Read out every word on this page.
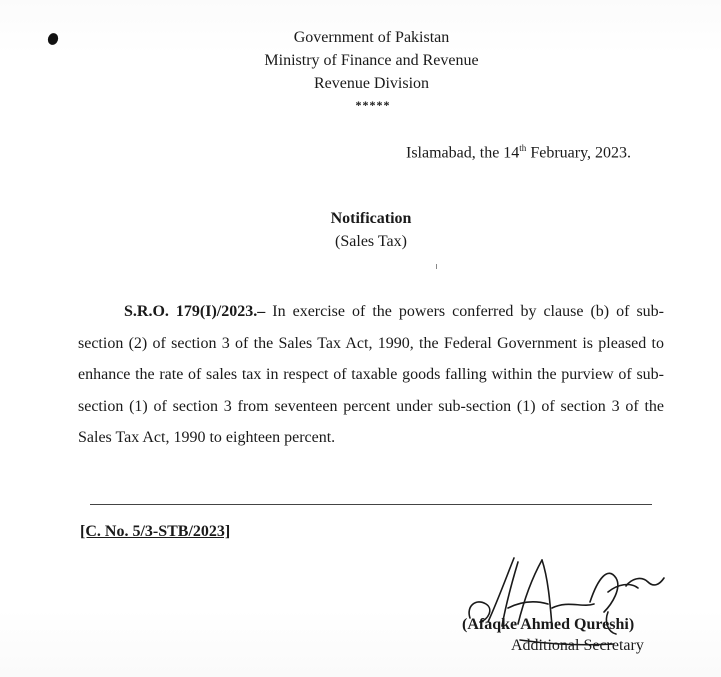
Government of Pakistan
Ministry of Finance and Revenue
Revenue Division
*****
Islamabad, the 14th February, 2023.
Notification
(Sales Tax)
S.R.O. 179(I)/2023.– In exercise of the powers conferred by clause (b) of sub-section (2) of section 3 of the Sales Tax Act, 1990, the Federal Government is pleased to enhance the rate of sales tax in respect of taxable goods falling within the purview of sub-section (1) of section 3 from seventeen percent under sub-section (1) of section 3 of the Sales Tax Act, 1990 to eighteen percent.
[C. No. 5/3-STB/2023]
(Afaqke Ahmed Qureshi)
Additional Secretary
